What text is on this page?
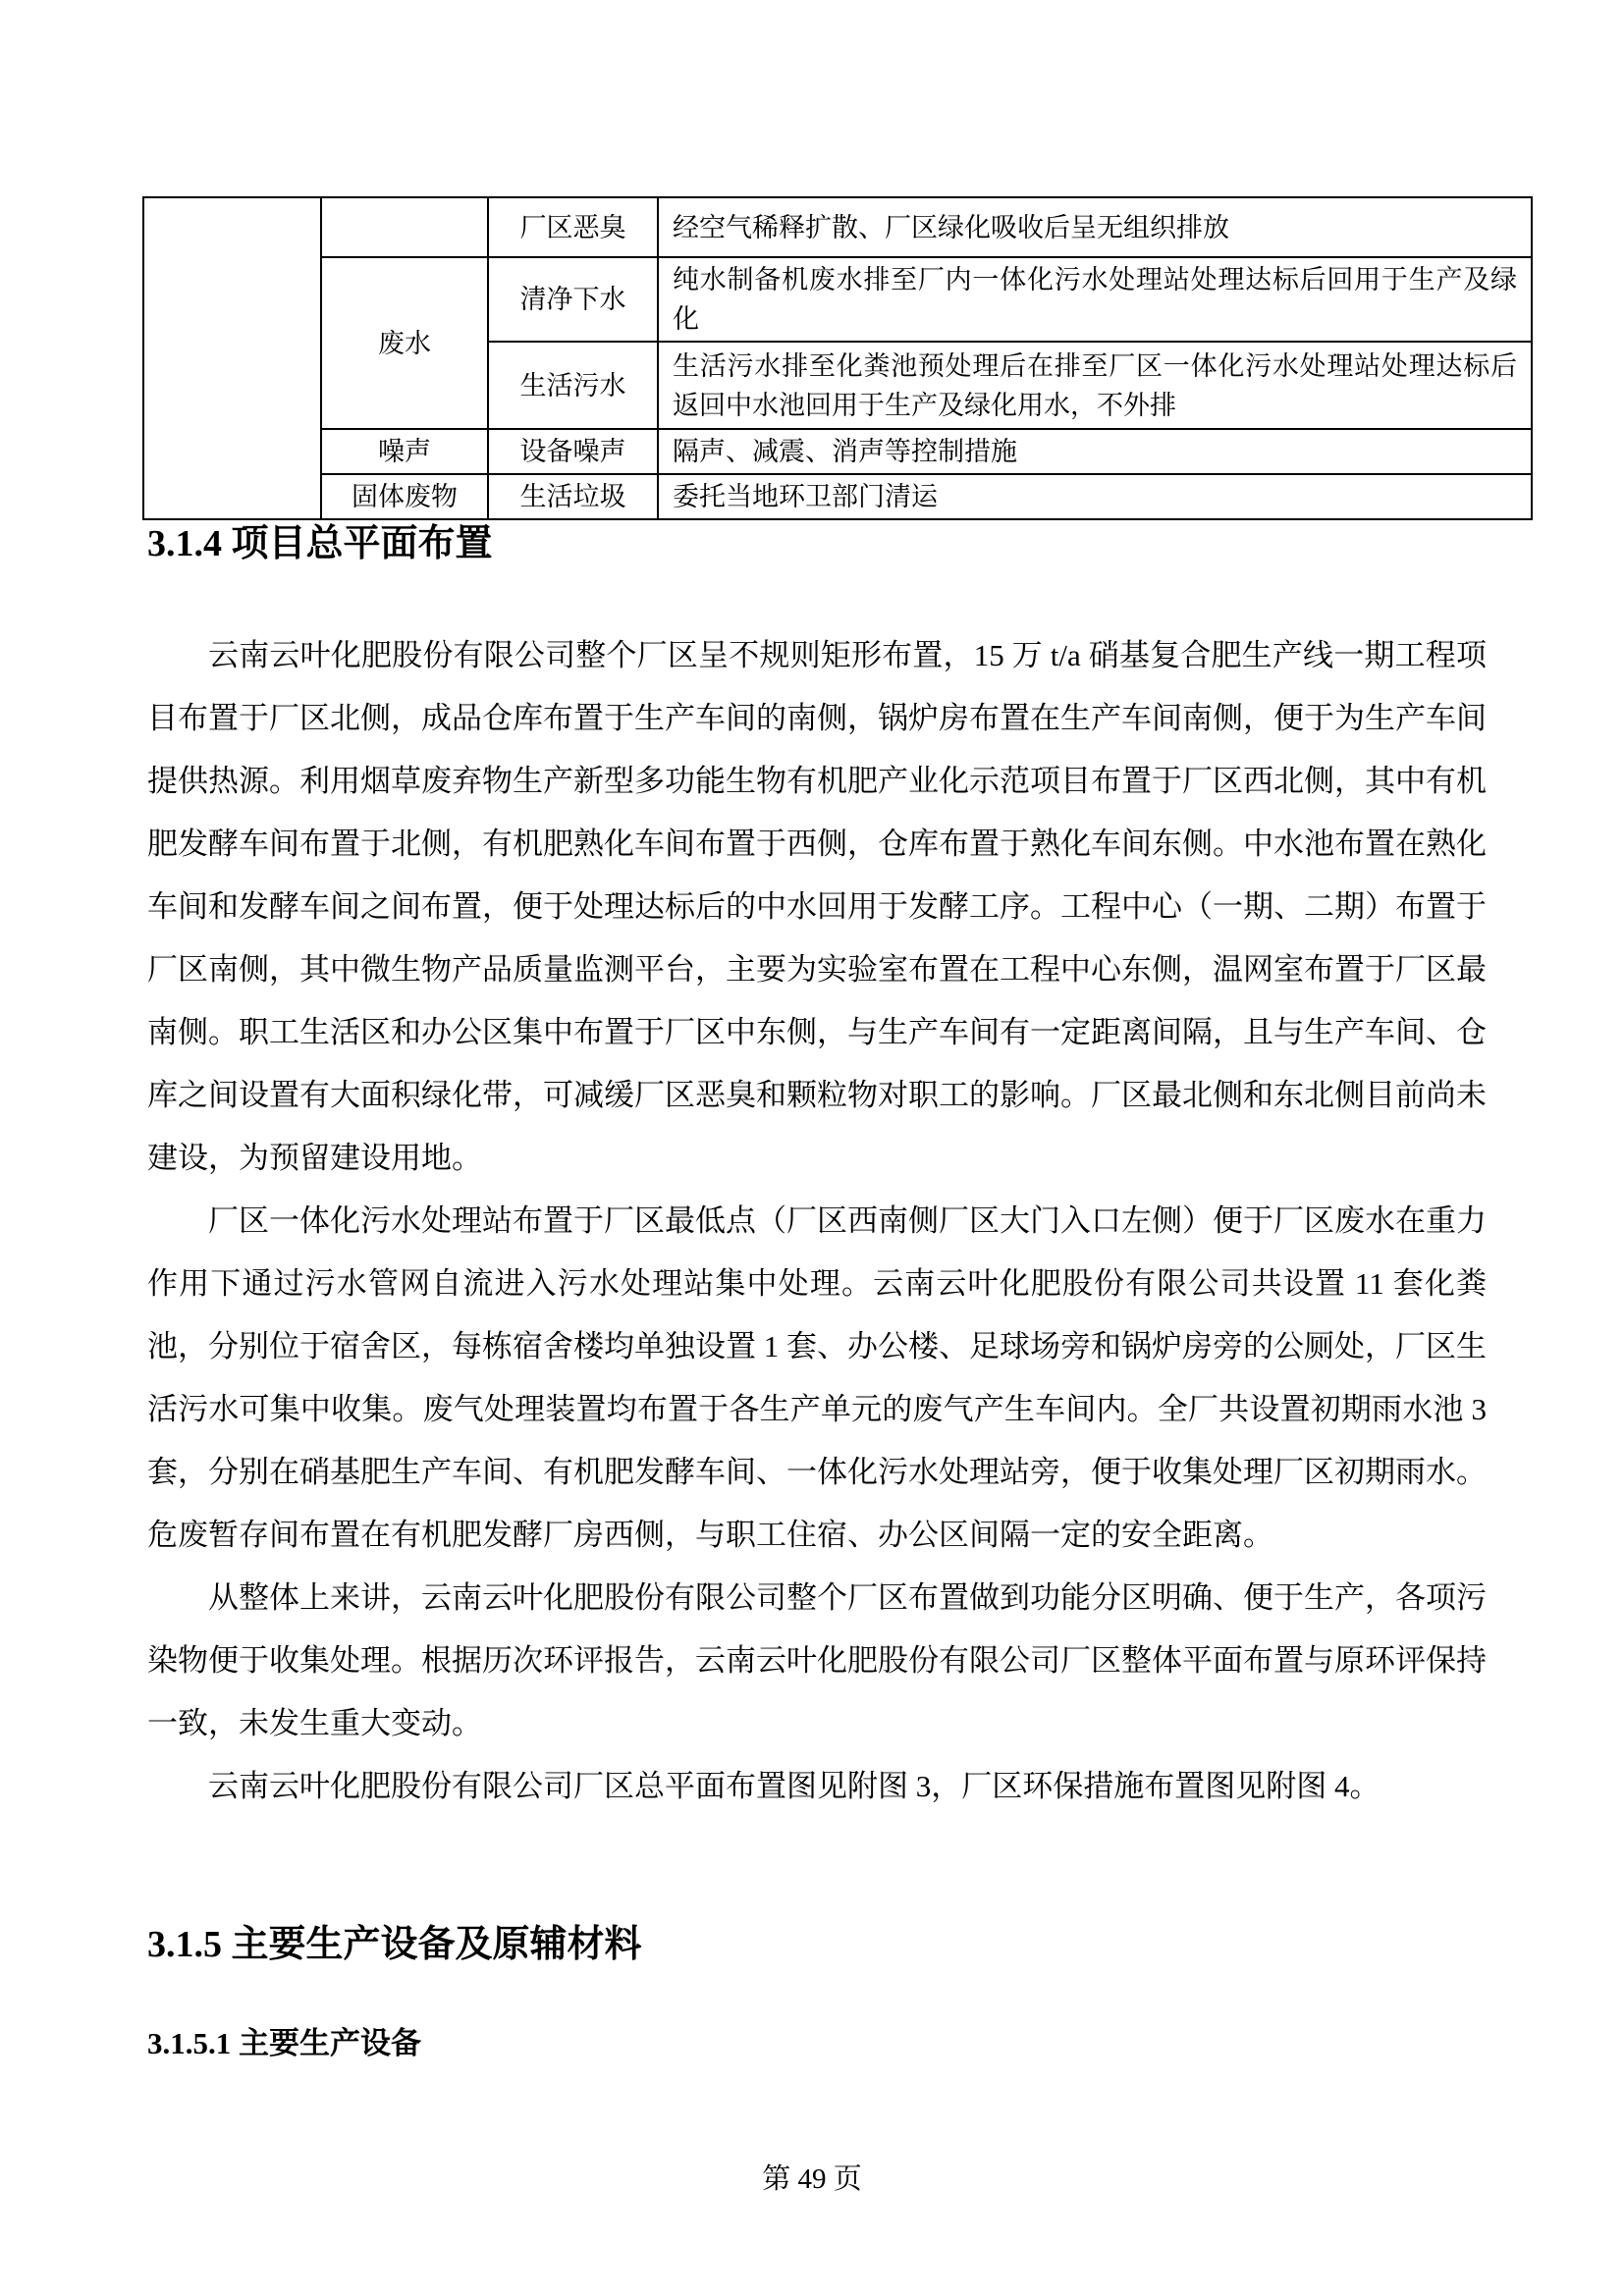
		厂区恶臭	经空气稀释扩散、厂区绿化吸收后呈无组织排放
	废水	清净下水	纯水制备机废水排至厂内一体化污水处理站处理达标后回用于生产及绿化
		生活污水	生活污水排至化粪池预处理后在排至厂区一体化污水处理站处理达标后返回中水池回用于生产及绿化用水，不外排
	噪声	设备噪声	隔声、减震、消声等控制措施
	固体废物	生活垃圾	委托当地环卫部门清运
3.1.4 项目总平面布置

云南云叶化肥股份有限公司整个厂区呈不规则矩形布置，15 万 t/a 硝基复合肥生产线一期工程项目布置于厂区北侧，成品仓库布置于生产车间的南侧，锅炉房布置在生产车间南侧，便于为生产车间提供热源。利用烟草废弃物生产新型多功能生物有机肥产业化示范项目布置于厂区西北侧，其中有机肥发酵车间布置于北侧，有机肥熟化车间布置于西侧，仓库布置于熟化车间东侧。中水池布置在熟化车间和发酵车间之间布置，便于处理达标后的中水回用于发酵工序。工程中心（一期、二期）布置于厂区南侧，其中微生物产品质量监测平台，主要为实验室布置在工程中心东侧，温网室布置于厂区最南侧。职工生活区和办公区集中布置于厂区中东侧，与生产车间有一定距离间隔，且与生产车间、仓库之间设置有大面积绿化带，可减缓厂区恶臭和颗粒物对职工的影响。厂区最北侧和东北侧目前尚未建设，为预留建设用地。

厂区一体化污水处理站布置于厂区最低点（厂区西南侧厂区大门入口左侧）便于厂区废水在重力作用下通过污水管网自流进入污水处理站集中处理。云南云叶化肥股份有限公司共设置 11 套化粪池，分别位于宿舍区，每栋宿舍楼均单独设置 1 套、办公楼、足球场旁和锅炉房旁的公厕处，厂区生活污水可集中收集。废气处理装置均布置于各生产单元的废气产生车间内。全厂共设置初期雨水池 3 套，分别在硝基肥生产车间、有机肥发酵车间、一体化污水处理站旁，便于收集处理厂区初期雨水。危废暂存间布置在有机肥发酵厂房西侧，与职工住宿、办公区间隔一定的安全距离。

从整体上来讲，云南云叶化肥股份有限公司整个厂区布置做到功能分区明确、便于生产，各项污染物便于收集处理。根据历次环评报告，云南云叶化肥股份有限公司厂区整体平面布置与原环评保持一致，未发生重大变动。

云南云叶化肥股份有限公司厂区总平面布置图见附图 3，厂区环保措施布置图见附图 4。

3.1.5 主要生产设备及原辅材料
3.1.5.1 主要生产设备
第 49 页
